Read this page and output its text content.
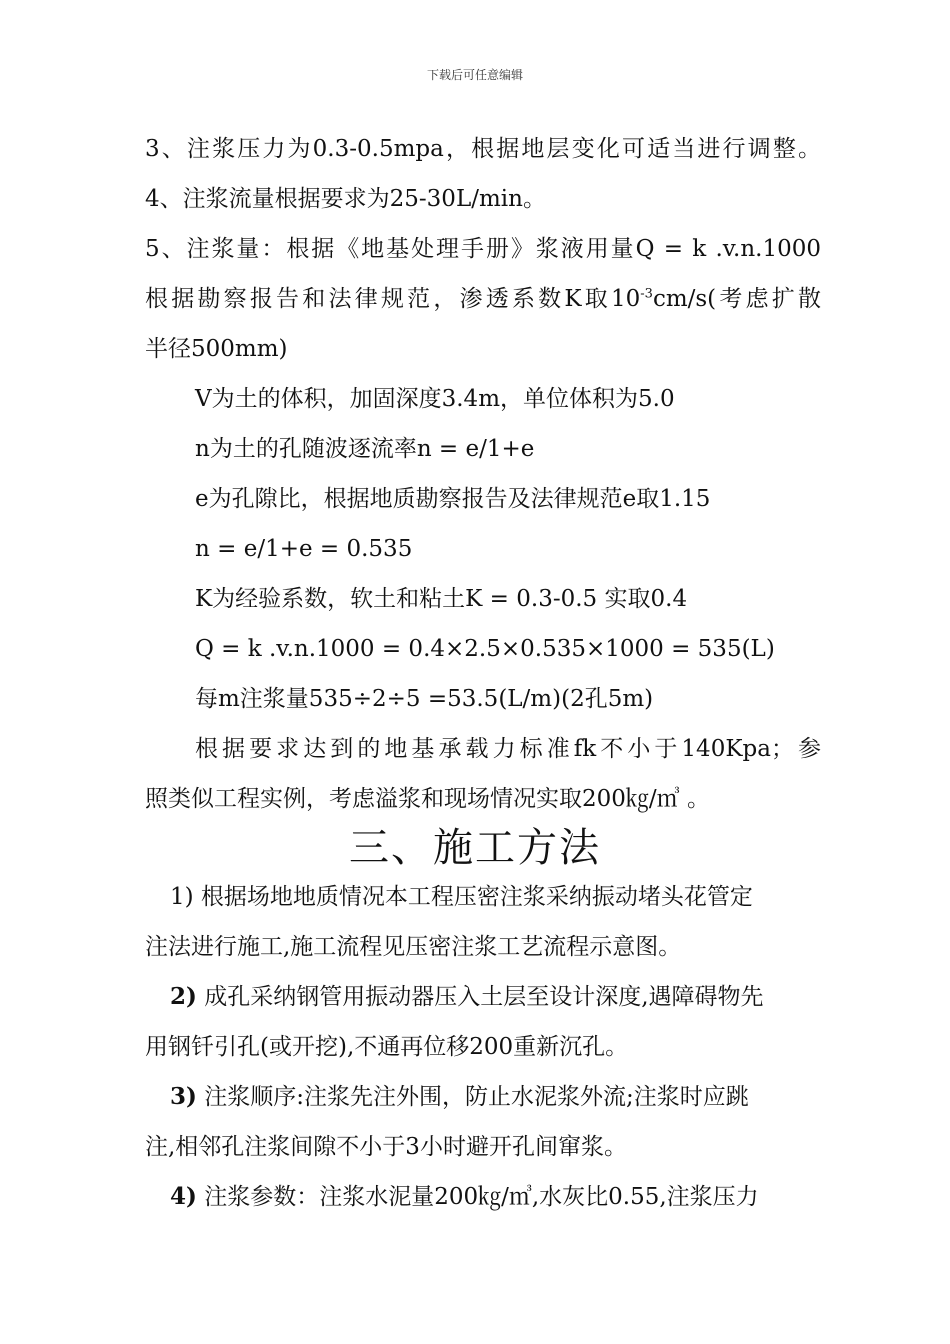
下载后可任意编辑
3、注浆压力为0.3-0.5mpa，根据地层变化可适当进行调整。
4、注浆流量根据要求为25-30L/min。
5、注浆量：根据《地基处理手册》浆液用量Q = k .v.n.1000
根据勘察报告和法律规范，渗透系数K取$10^{-3}cm/s$(考虑扩散
半径500mm)
V为土的体积，加固深度3.4m，单位体积为5.0
n为土的孔随波逐流率n = e/1+e
e为孔隙比，根据地质勘察报告及法律规范e取1.15
n = e/1+e = 0.535
K为经验系数，软土和粘土K = 0.3-0.5 实取0.4
Q = k .v.n.1000 = 0.4×2.5×0.535×1000 = 535(L)
每m注浆量535÷2÷5 =53.5(L/m)(2孔5m)
根据要求达到的地基承载力标准fk不小于140Kpa；参
照类似工程实例，考虑溢浆和现场情况实取200㎏/㎥ 。
三、施工方法
1) 根据场地地质情况本工程压密注浆采纳振动堵头花管定
注法进行施工,施工流程见压密注浆工艺流程示意图。
2) 成孔采纳钢管用振动器压入土层至设计深度,遇障碍物先
用钢钎引孔(或开挖),不通再位移200重新沉孔。
3) 注浆顺序:注浆先注外围，防止水泥浆外流;注浆时应跳
注,相邻孔注浆间隙不小于3小时避开孔间窜浆。
4) 注浆参数：注浆水泥量200㎏/㎥,水灰比0.55,注浆压力
